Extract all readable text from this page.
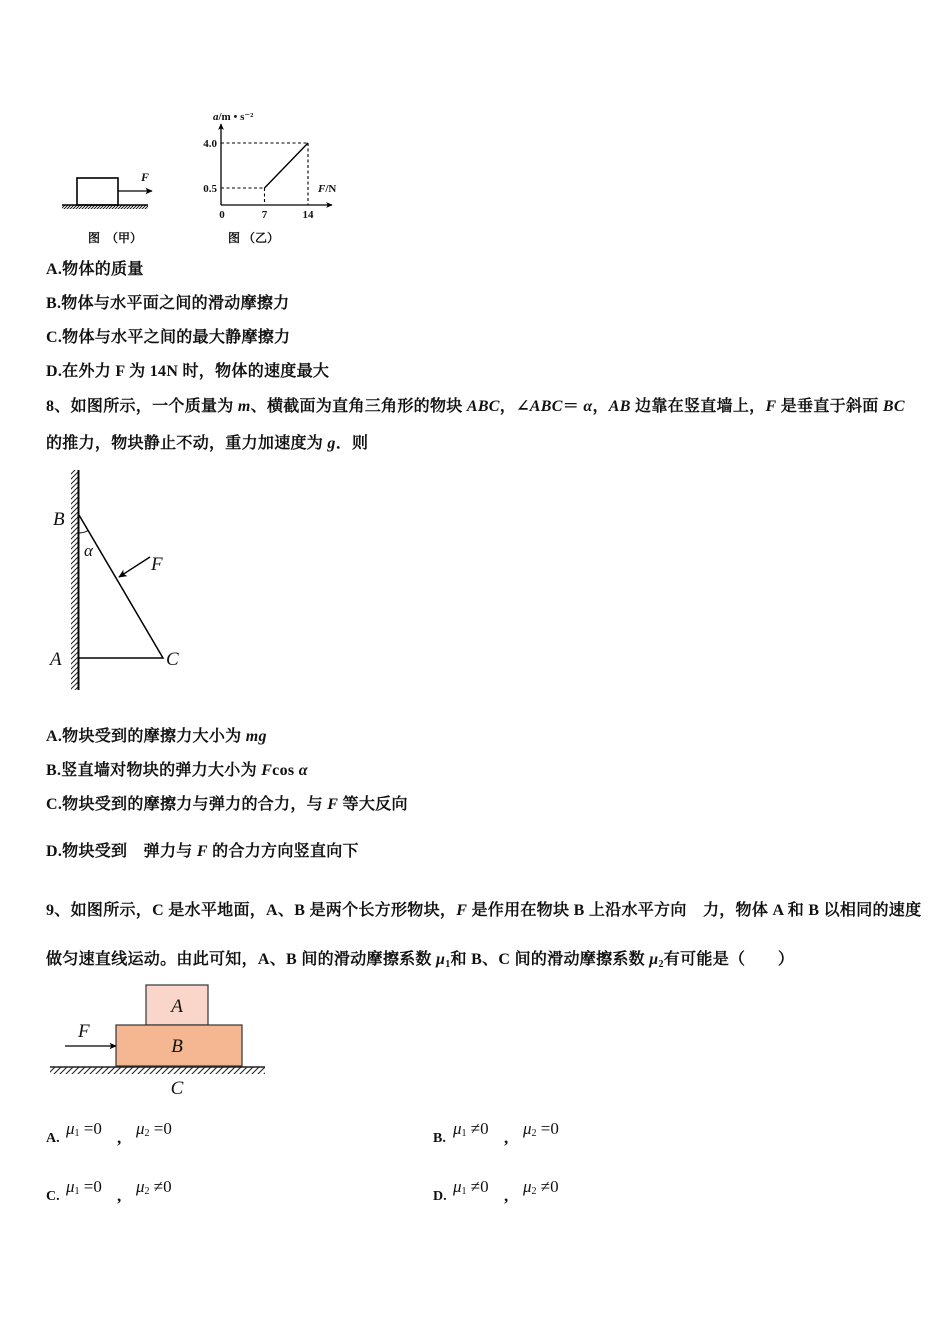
F
图　（甲）
a/m • s⁻²
F/N
0
图 （乙）
7	14
0.5
4.0
F
α
B
A	C
F
A
B
C
A.物体的质量
B.物体与水平面之间的滑动摩擦力
C.物体与水平之间的最大静摩擦力
D.在外力 F 为 14N 时，物体的速度最大
8、如图所示，一个质量为 m、横截面为直角三角形的物块 ABC，∠ABC＝ α，AB 边靠在竖直墙上，F 是垂直于斜面 BC
的推力，物块静止不动，重力加速度为 g．则
A.物块受到的摩擦力大小为 mg
B.竖直墙对物块的弹力大小为 Fcos α
C.物块受到的摩擦力与弹力的合力，与 F 等大反向
D.物块受到　弹力与 F 的合力方向竖直向下
9、如图所示，C 是水平地面，A、B 是两个长方形物块，F 是作用在物块 B 上沿水平方向　力，物体 A 和 B 以相同的速度
做匀速直线运动。由此可知，A、B 间的滑动摩擦系数 $\mu_1$和 B、C 间的滑动摩擦系数 $\mu_2$有可能是（　　）
A.
$\mu_1 =0$ , $\mu_2 =0$
B.
$\mu_1 \ne 0$ , $\mu_2 =0$
C.
$\mu_1 =0$ , $\mu_2 \ne 0$
D.
$\mu_1 \ne 0$ , $\mu_2 \ne 0$
